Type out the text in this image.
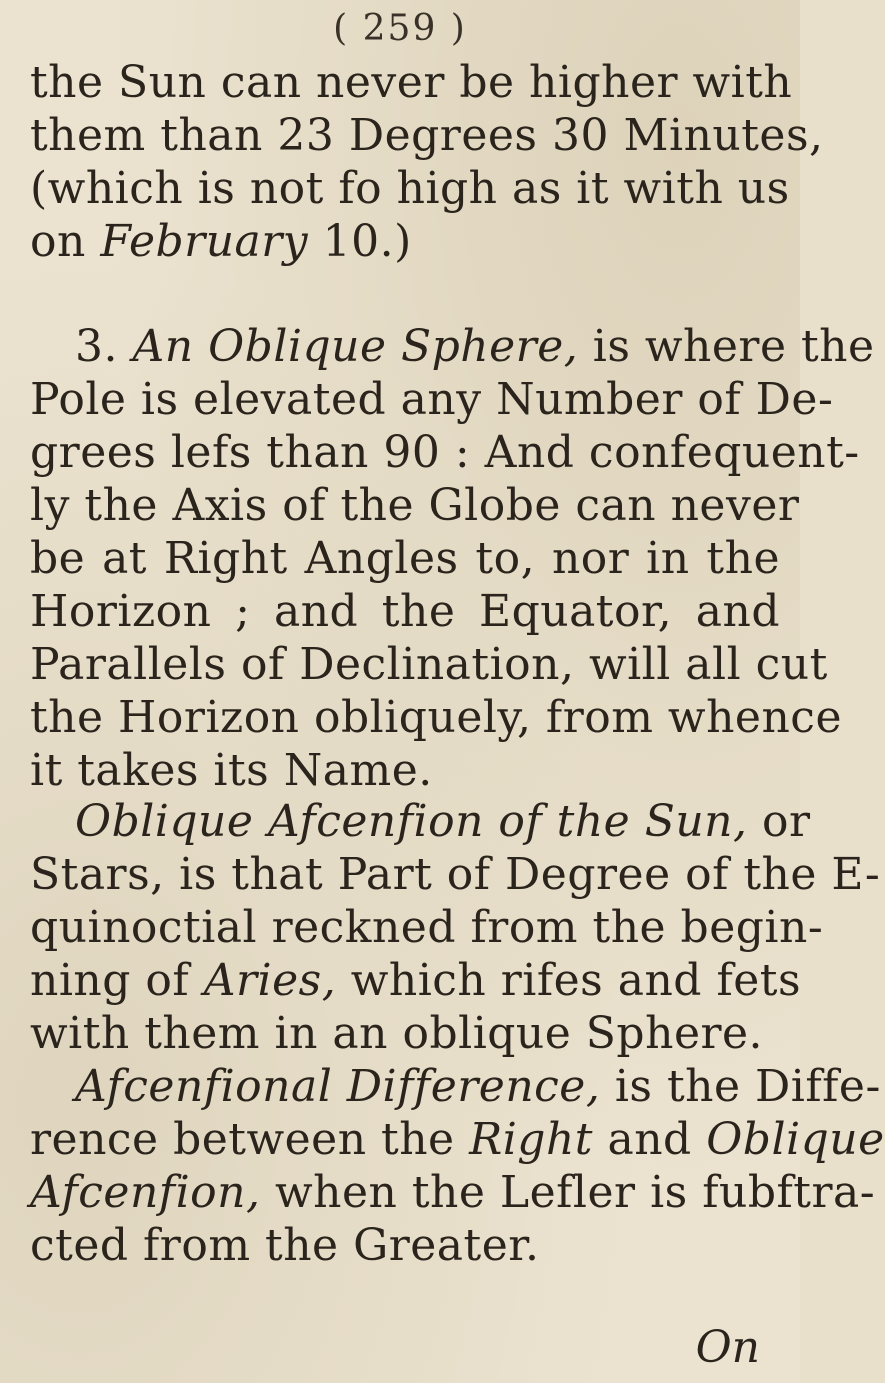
( 259 )
the Sun can never be higher with
them than 23 Degrees 30 Minutes,
(which is not fo high as it with us
on February 10.)
3. An Oblique Sphere, is where the
Pole is elevated any Number of De-
grees lefs than 90 : And confequent-
ly the Axis of the Globe can never
be at Right Angles to, nor in the
Horizon ; and the Equator, and
Parallels of Declination, will all cut
the Horizon obliquely, from whence
it takes its Name.
Oblique Afcenfion of the Sun, or
Stars, is that Part of Degree of the E-
quinoctial reckned from the begin-
ning of Aries, which rifes and fets
with them in an oblique Sphere.
Afcenfional Difference, is the Diffe-
rence between the Right and Oblique
Afcenfion, when the Lefler is fubftra-
cted from the Greater.
On
